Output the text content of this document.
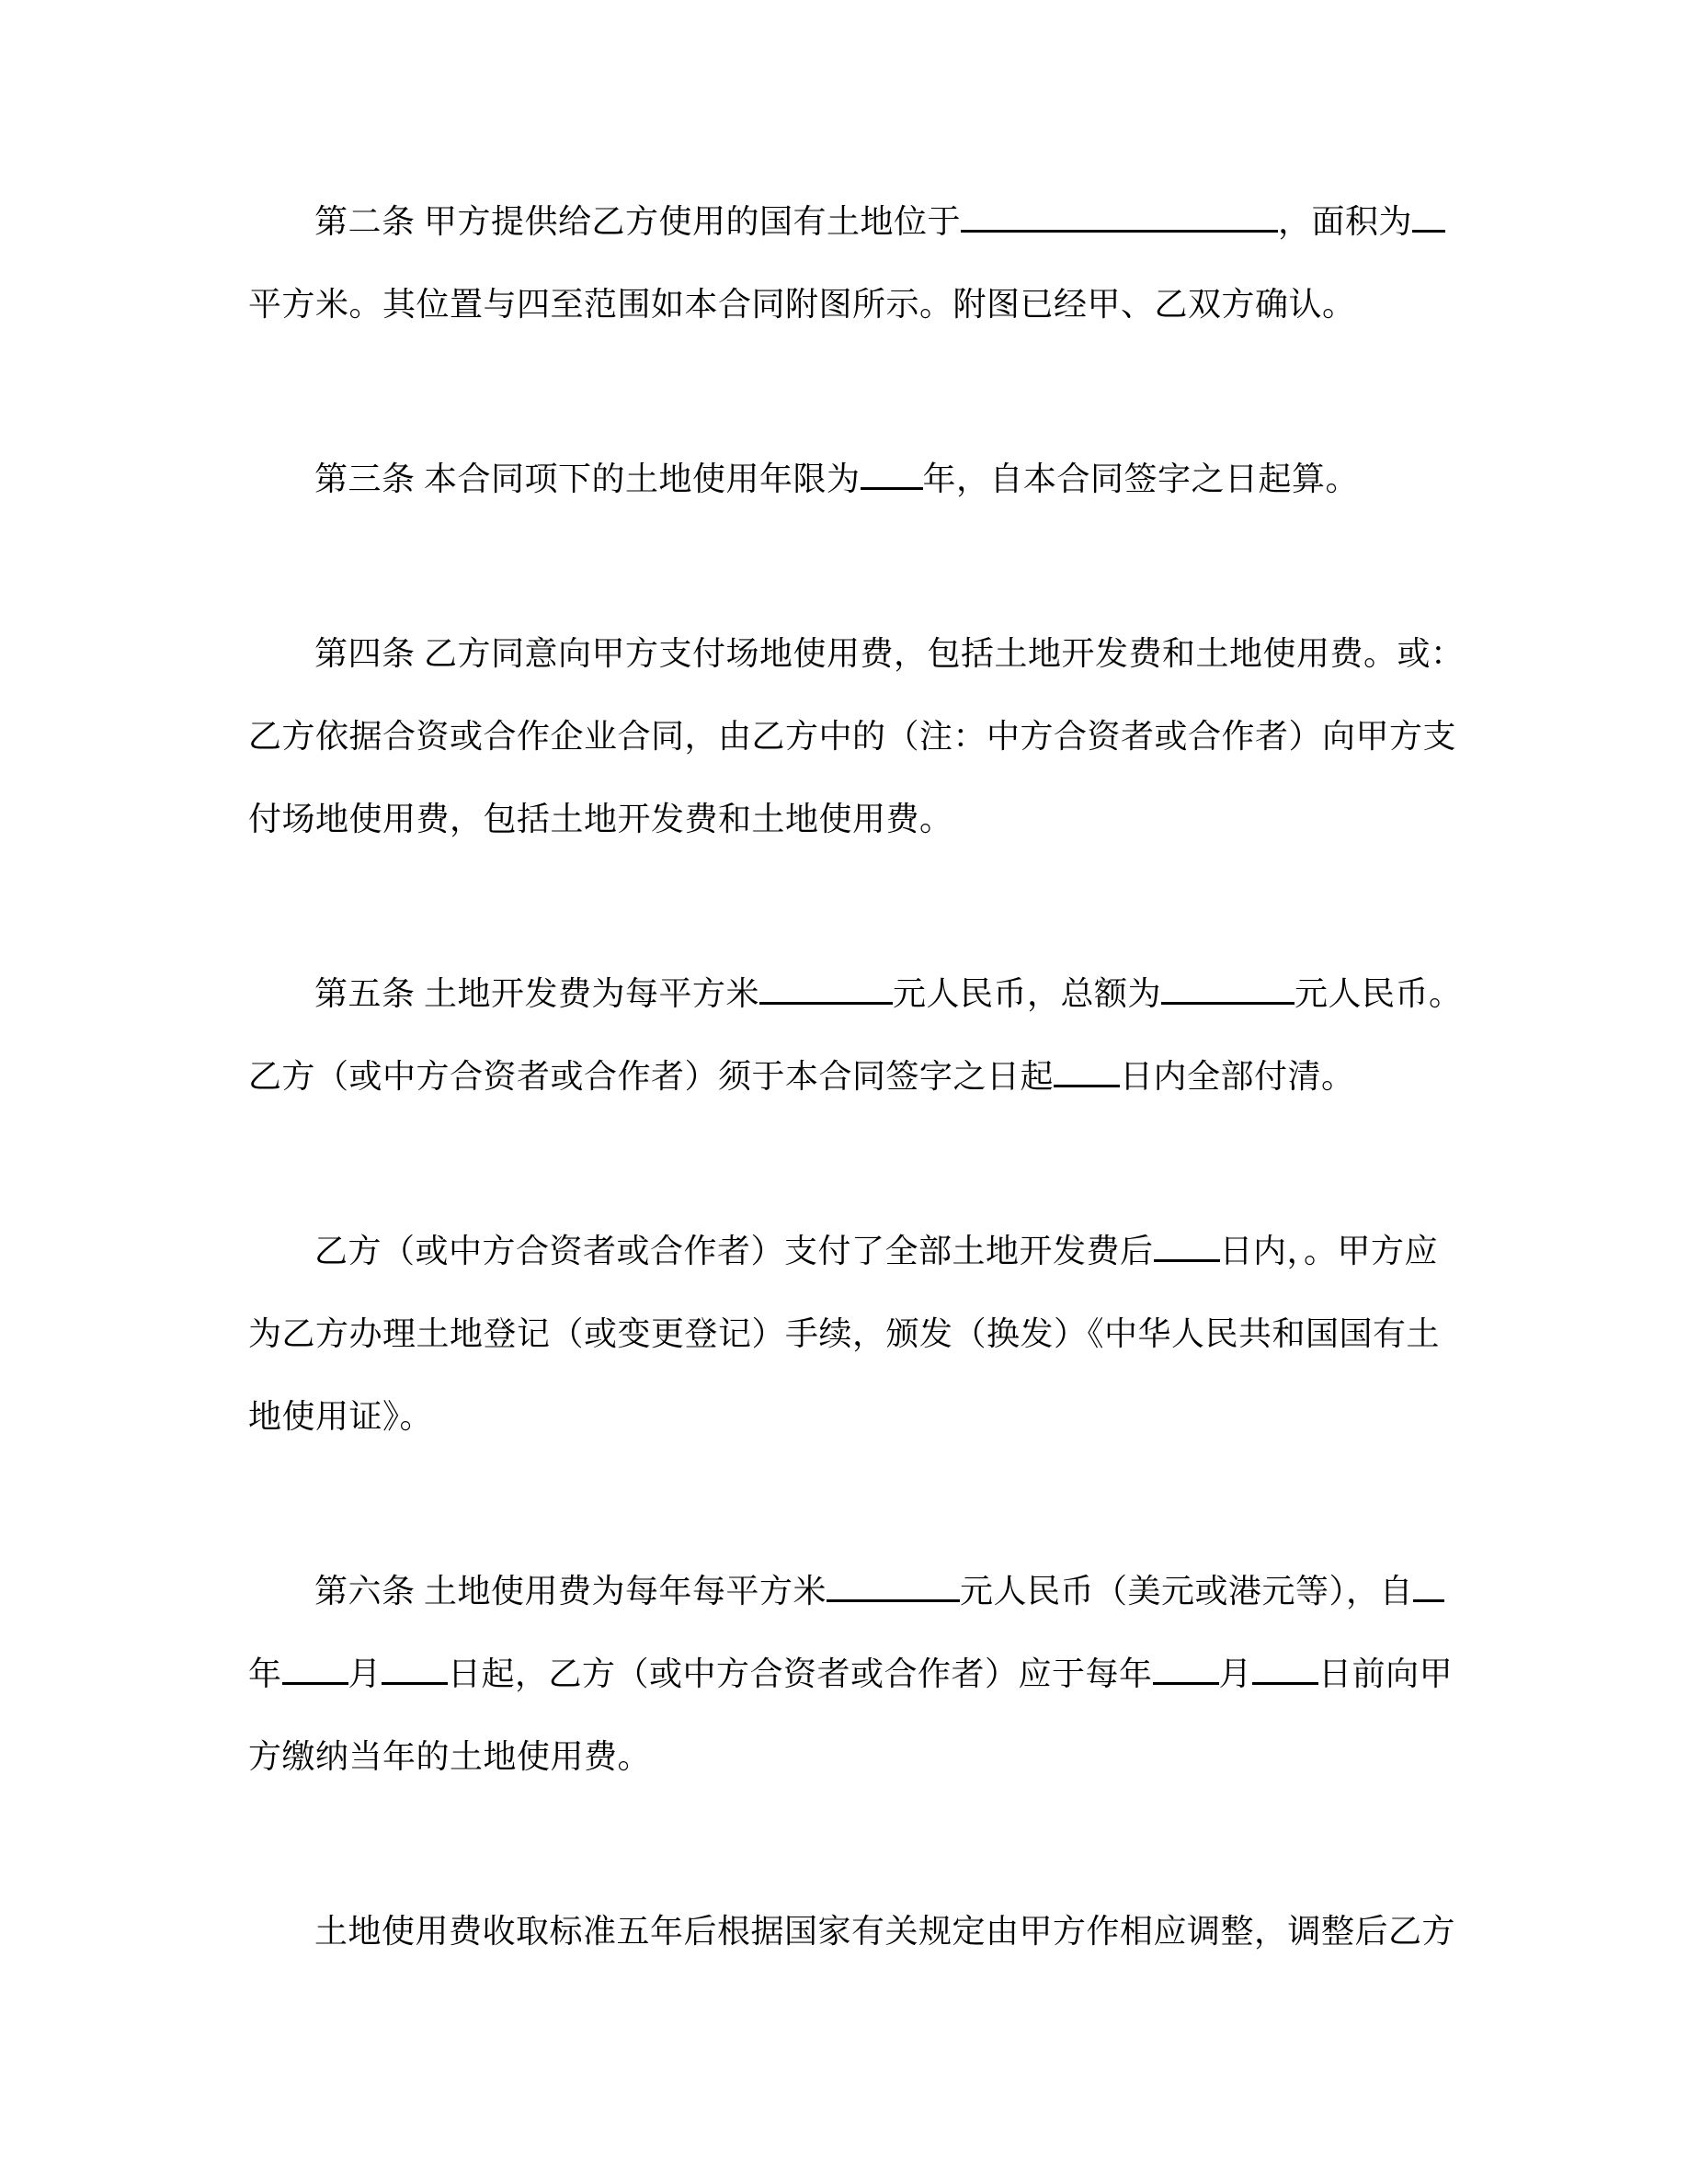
第二条 甲方提供给乙方使用的国有土地位于	，面积为
平方米。其位置与四至范围如本合同附图所示。附图已经甲、乙双方确认。
第三条 本合同项下的土地使用年限为 年，自本合同签字之日起算。
第四条 乙方同意向甲方支付场地使用费，包括土地开发费和土地使用费。或：
乙方依据合资或合作企业合同，由乙方中的（注：中方合资者或合作者）向甲方支
付场地使用费，包括土地开发费和土地使用费。
第五条 土地开发费为每平方米	元人民币，总额为	元人民币。
乙方（或中方合资者或合作者）须于本合同签字之日起 日内全部付清。
乙方（或中方合资者或合作者）支付了全部土地开发费后 日内，。甲方应
为乙方办理土地登记（或变更登记）手续，颁发（换发）《中华人民共和国国有土
地使用证》。
第六条 土地使用费为每年每平方米	元人民币（美元或港元等），自
年 月 日起，乙方（或中方合资者或合作者）应于每年 月 日前向甲
方缴纳当年的土地使用费。
土地使用费收取标准五年后根据国家有关规定由甲方作相应调整，调整后乙方
